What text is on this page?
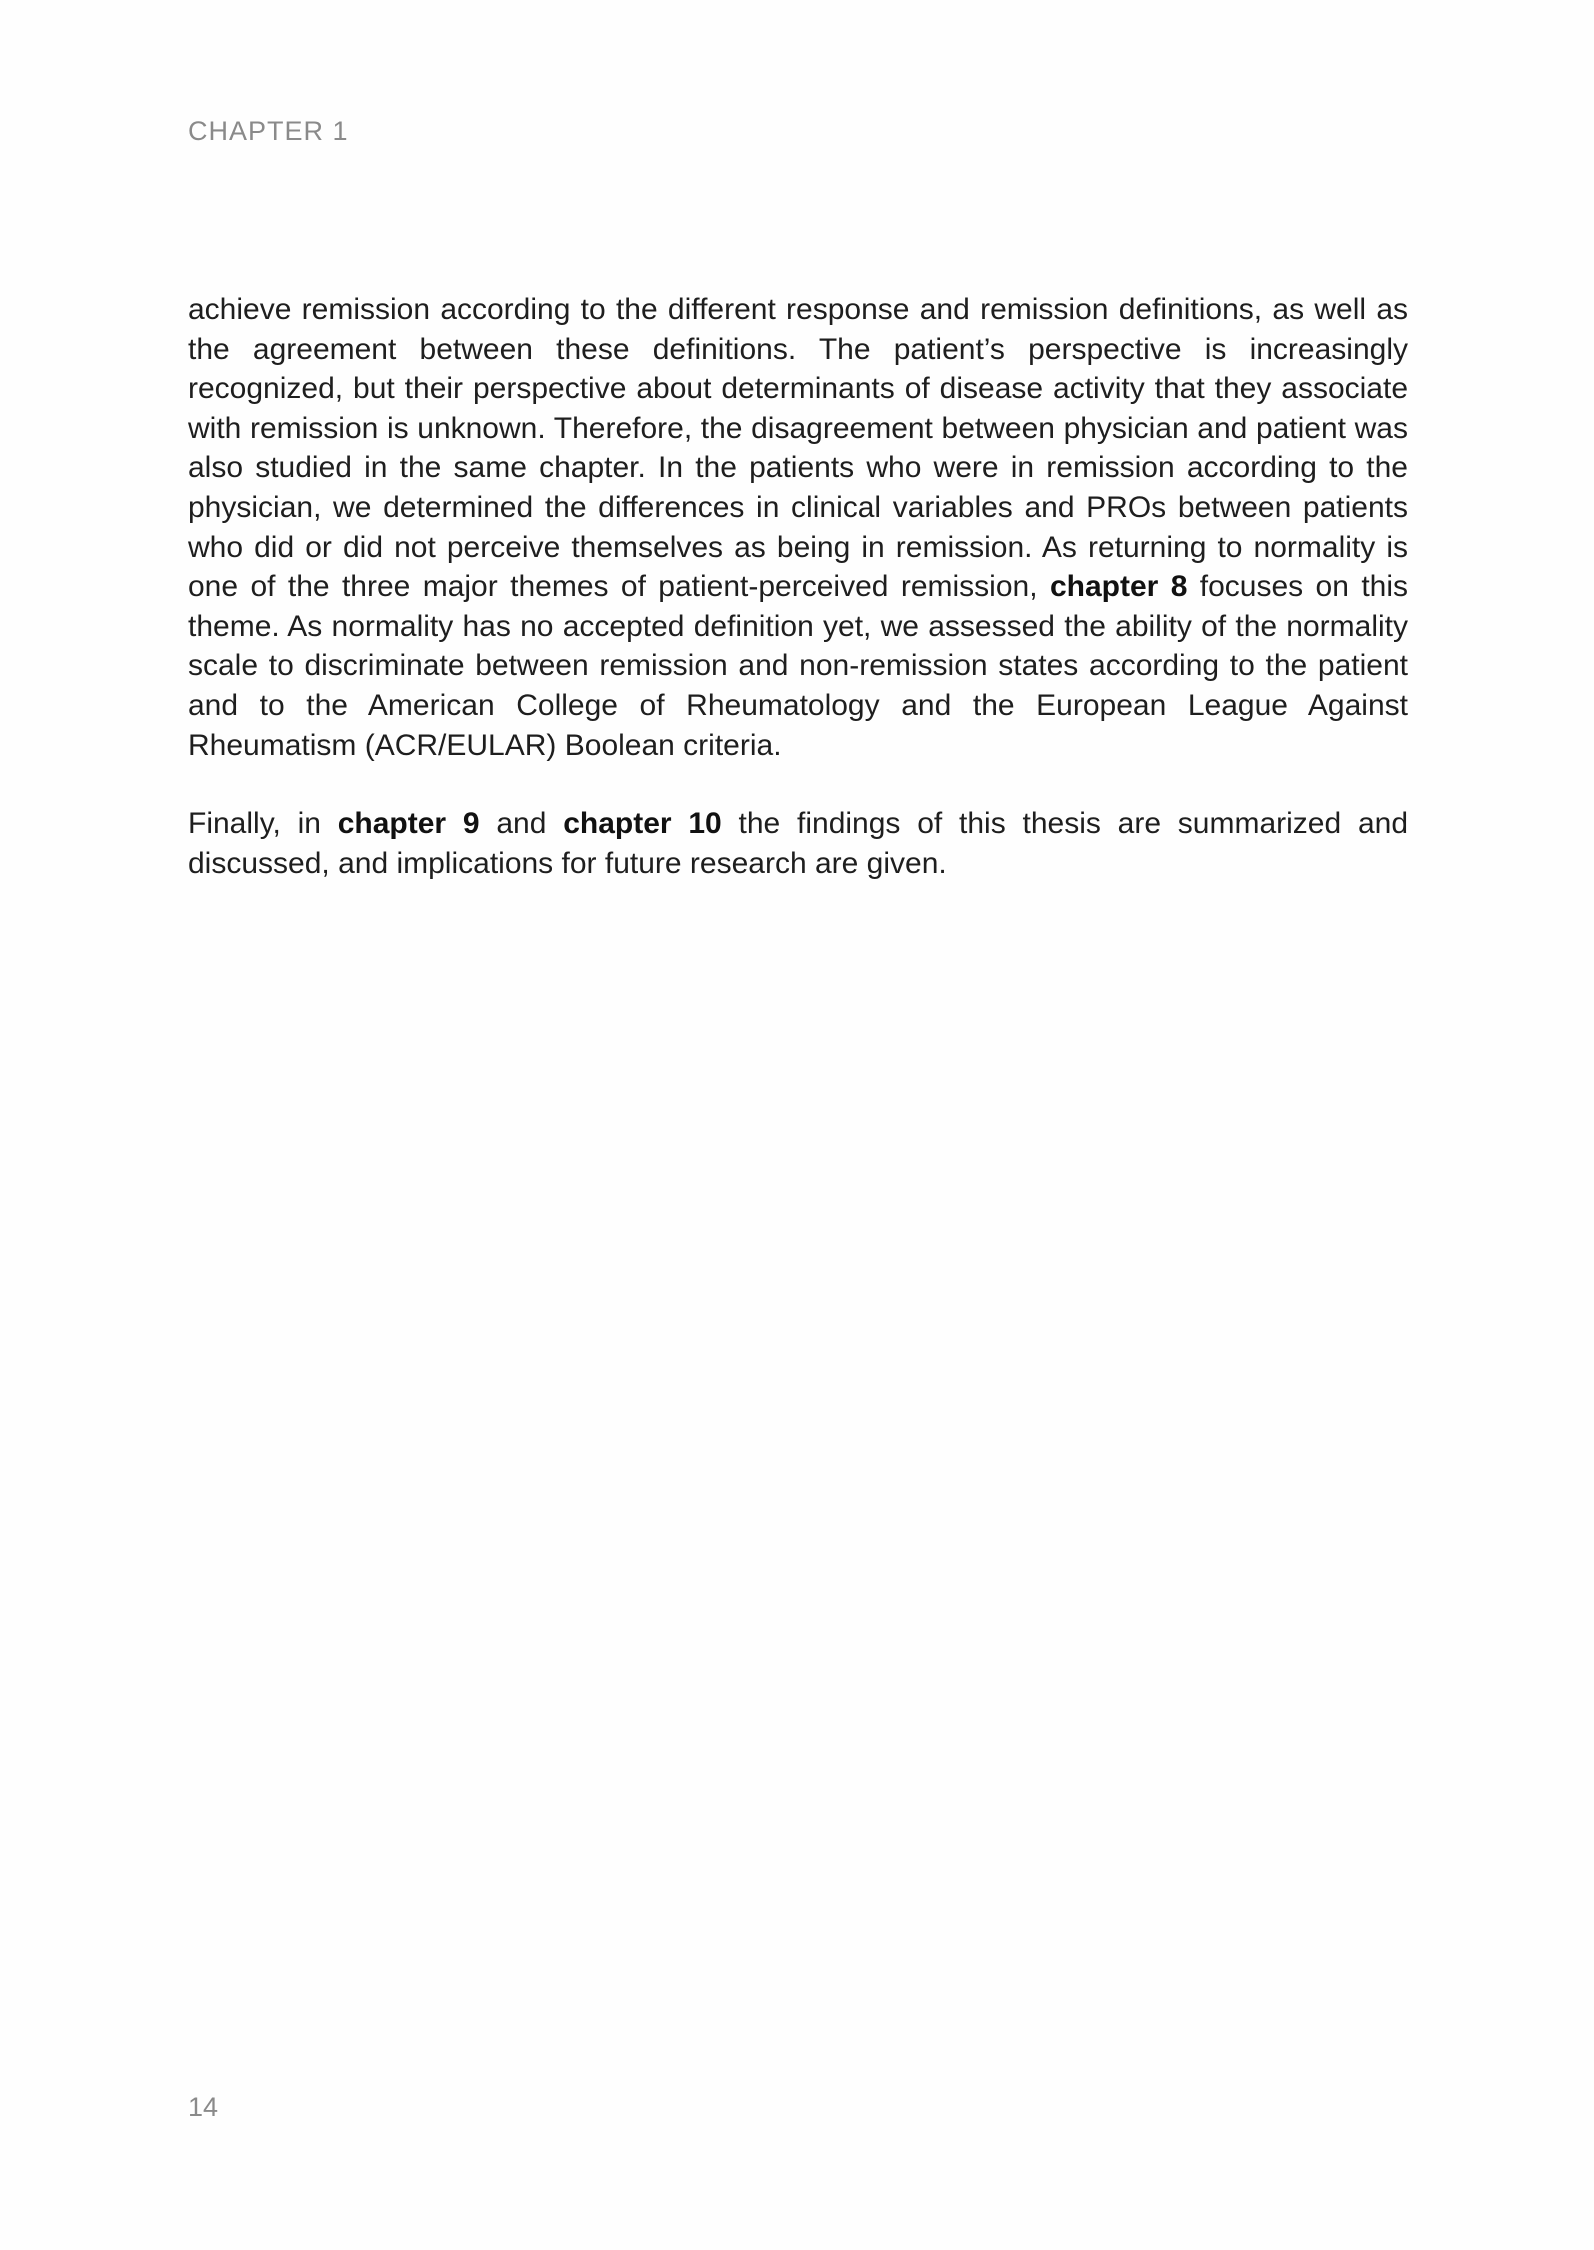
CHAPTER 1

achieve remission according to the different response and remission definitions, as well as the agreement between these definitions. The patient’s perspective is increasingly recognized, but their perspective about determinants of disease activity that they associate with remission is unknown. Therefore, the disagreement between physician and patient was also studied in the same chapter. In the patients who were in remission according to the physician, we determined the differences in clinical variables and PROs between patients who did or did not perceive themselves as being in remission. As returning to normality is one of the three major themes of patient-perceived remission, chapter 8 focuses on this theme. As normality has no accepted definition yet, we assessed the ability of the normality scale to discriminate between remission and non-remission states according to the patient and to the American College of Rheumatology and the European League Against Rheumatism (ACR/EULAR) Boolean criteria.

Finally, in chapter 9 and chapter 10 the findings of this thesis are summarized and discussed, and implications for future research are given.

14
